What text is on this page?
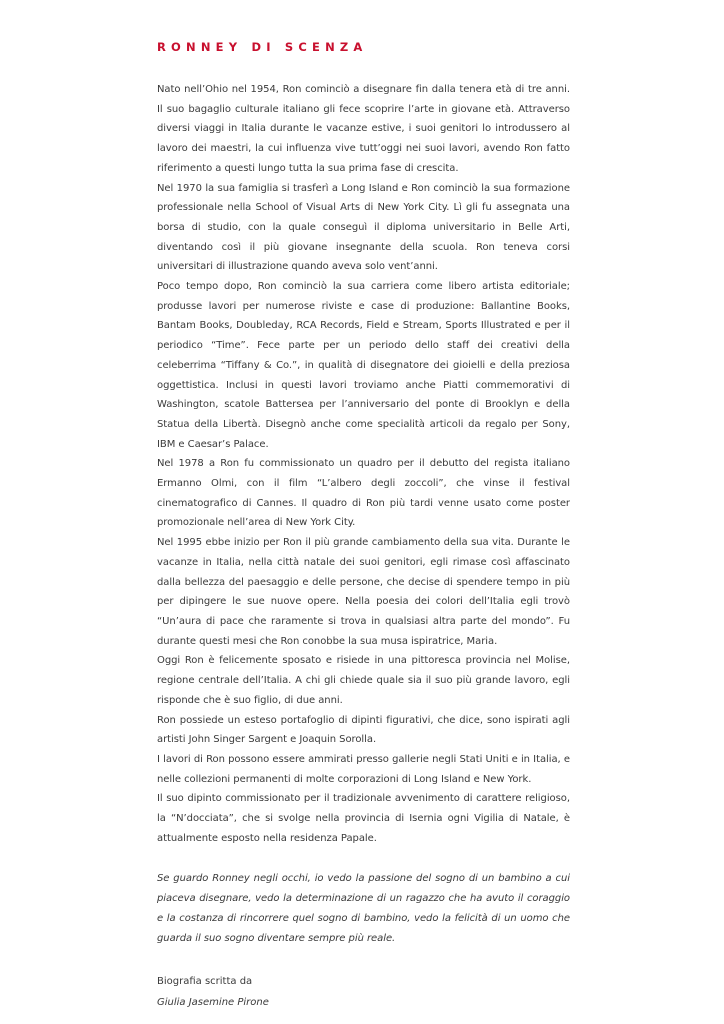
RONNEY DI SCENZA

Nato nell’Ohio nel 1954, Ron cominciò a disegnare fin dalla tenera età di tre anni. Il suo bagaglio culturale italiano gli fece scoprire l’arte in giovane età. Attraverso diversi viaggi in Italia durante le vacanze estive, i suoi genitori lo introdussero al lavoro dei maestri, la cui influenza vive tutt’oggi nei suoi lavori, avendo Ron fatto riferimento a questi lungo tutta la sua prima fase di crescita.

Nel 1970 la sua famiglia si trasferì a Long Island e Ron cominciò la sua formazione professionale nella School of Visual Arts di New York City. Lì gli fu assegnata una borsa di studio, con la quale conseguì il diploma universitario in Belle Arti, diventando così il più giovane insegnante della scuola. Ron teneva corsi universitari di illustrazione quando aveva solo vent’anni.

Poco tempo dopo, Ron cominciò la sua carriera come libero artista editoriale; produsse lavori per numerose riviste e case di produzione: Ballantine Books, Bantam Books, Doubleday, RCA Records, Field e Stream, Sports Illustrated e per il periodico “Time”. Fece parte per un periodo dello staff dei creativi della celeberrima “Tiffany & Co.”, in qualità di disegnatore dei gioielli e della preziosa oggettistica. Inclusi in questi lavori troviamo anche Piatti commemorativi di Washington, scatole Battersea per l’anniversario del ponte di Brooklyn e della Statua della Libertà. Disegnò anche come specialità articoli da regalo per Sony, IBM e Caesar’s Palace.

Nel 1978 a Ron fu commissionato un quadro per il debutto del regista italiano Ermanno Olmi, con il film “L’albero degli zoccoli”, che vinse il festival cinematografico di Cannes. Il quadro di Ron più tardi venne usato come poster promozionale nell’area di New York City.

Nel 1995 ebbe inizio per Ron il più grande cambiamento della sua vita. Durante le vacanze in Italia, nella città natale dei suoi genitori, egli rimase così affascinato dalla bellezza del paesaggio e delle persone, che decise di spendere tempo in più per dipingere le sue nuove opere. Nella poesia dei colori dell’Italia egli trovò “Un’aura di pace che raramente si trova in qualsiasi altra parte del mondo”. Fu durante questi mesi che Ron conobbe la sua musa ispiratrice, Maria.

Oggi Ron è felicemente sposato e risiede in una pittoresca provincia nel Molise, regione centrale dell’Italia. A chi gli chiede quale sia il suo più grande lavoro, egli risponde che è suo figlio, di due anni.

Ron possiede un esteso portafoglio di dipinti figurativi, che dice, sono ispirati agli artisti John Singer Sargent e Joaquin Sorolla.

I lavori di Ron possono essere ammirati presso gallerie negli Stati Uniti e in Italia, e nelle collezioni permanenti di molte corporazioni di Long Island e New York.

Il suo dipinto commissionato per il tradizionale avvenimento di carattere religioso, la “N’docciata”, che si svolge nella provincia di Isernia ogni Vigilia di Natale, è attualmente esposto nella residenza Papale.

Se guardo Ronney negli occhi, io vedo la passione del sogno di un bambino a cui piaceva disegnare, vedo la determinazione di un ragazzo che ha avuto il coraggio e la costanza di rincorrere quel sogno di bambino, vedo la felicità di un uomo che guarda il suo sogno diventare sempre più reale.
Biografia scritta da
Giulia Jasemine Pirone
